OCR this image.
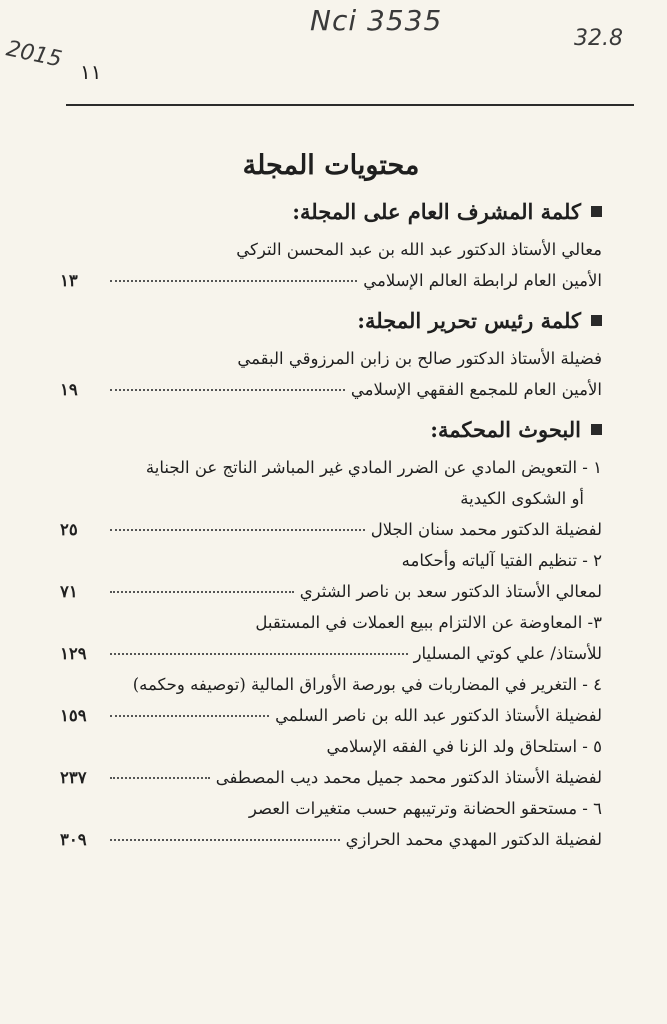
Nci 3535
2015	32.8
١١
محتويات المجلة
كلمة المشرف العام على المجلة:
معالي الأستاذ الدكتور عبد الله بن عبد المحسن التركي
الأمين العام لرابطة العالم الإسلامي
١٣
كلمة رئيس تحرير المجلة:
فضيلة الأستاذ الدكتور صالح بن زابن المرزوقي البقمي
الأمين العام للمجمع الفقهي الإسلامي
١٩
البحوث المحكمة:
١ - التعويض المادي عن الضرر المادي غير المباشر الناتج عن الجناية
أو الشكوى الكيدية
لفضيلة الدكتور محمد سنان الجلال
٢٥
٢ - تنظيم الفتيا آلياته وأحكامه
لمعالي الأستاذ الدكتور سعد بن ناصر الشثري
٧١
٣- المعاوضة عن الالتزام ببيع العملات في المستقبل
للأستاذ/ علي كوتي المسليار
١٢٩
٤ - التغرير في المضاربات في بورصة الأوراق المالية (توصيفه وحكمه)
لفضيلة الأستاذ الدكتور عبد الله بن ناصر السلمي
١٥٩
٥ - استلحاق ولد الزنا في الفقه الإسلامي
لفضيلة الأستاذ الدكتور محمد جميل محمد ديب المصطفى
٢٣٧
٦ - مستحقو الحضانة وترتيبهم حسب متغيرات العصر
لفضيلة الدكتور المهدي محمد الحرازي
٣٠٩
